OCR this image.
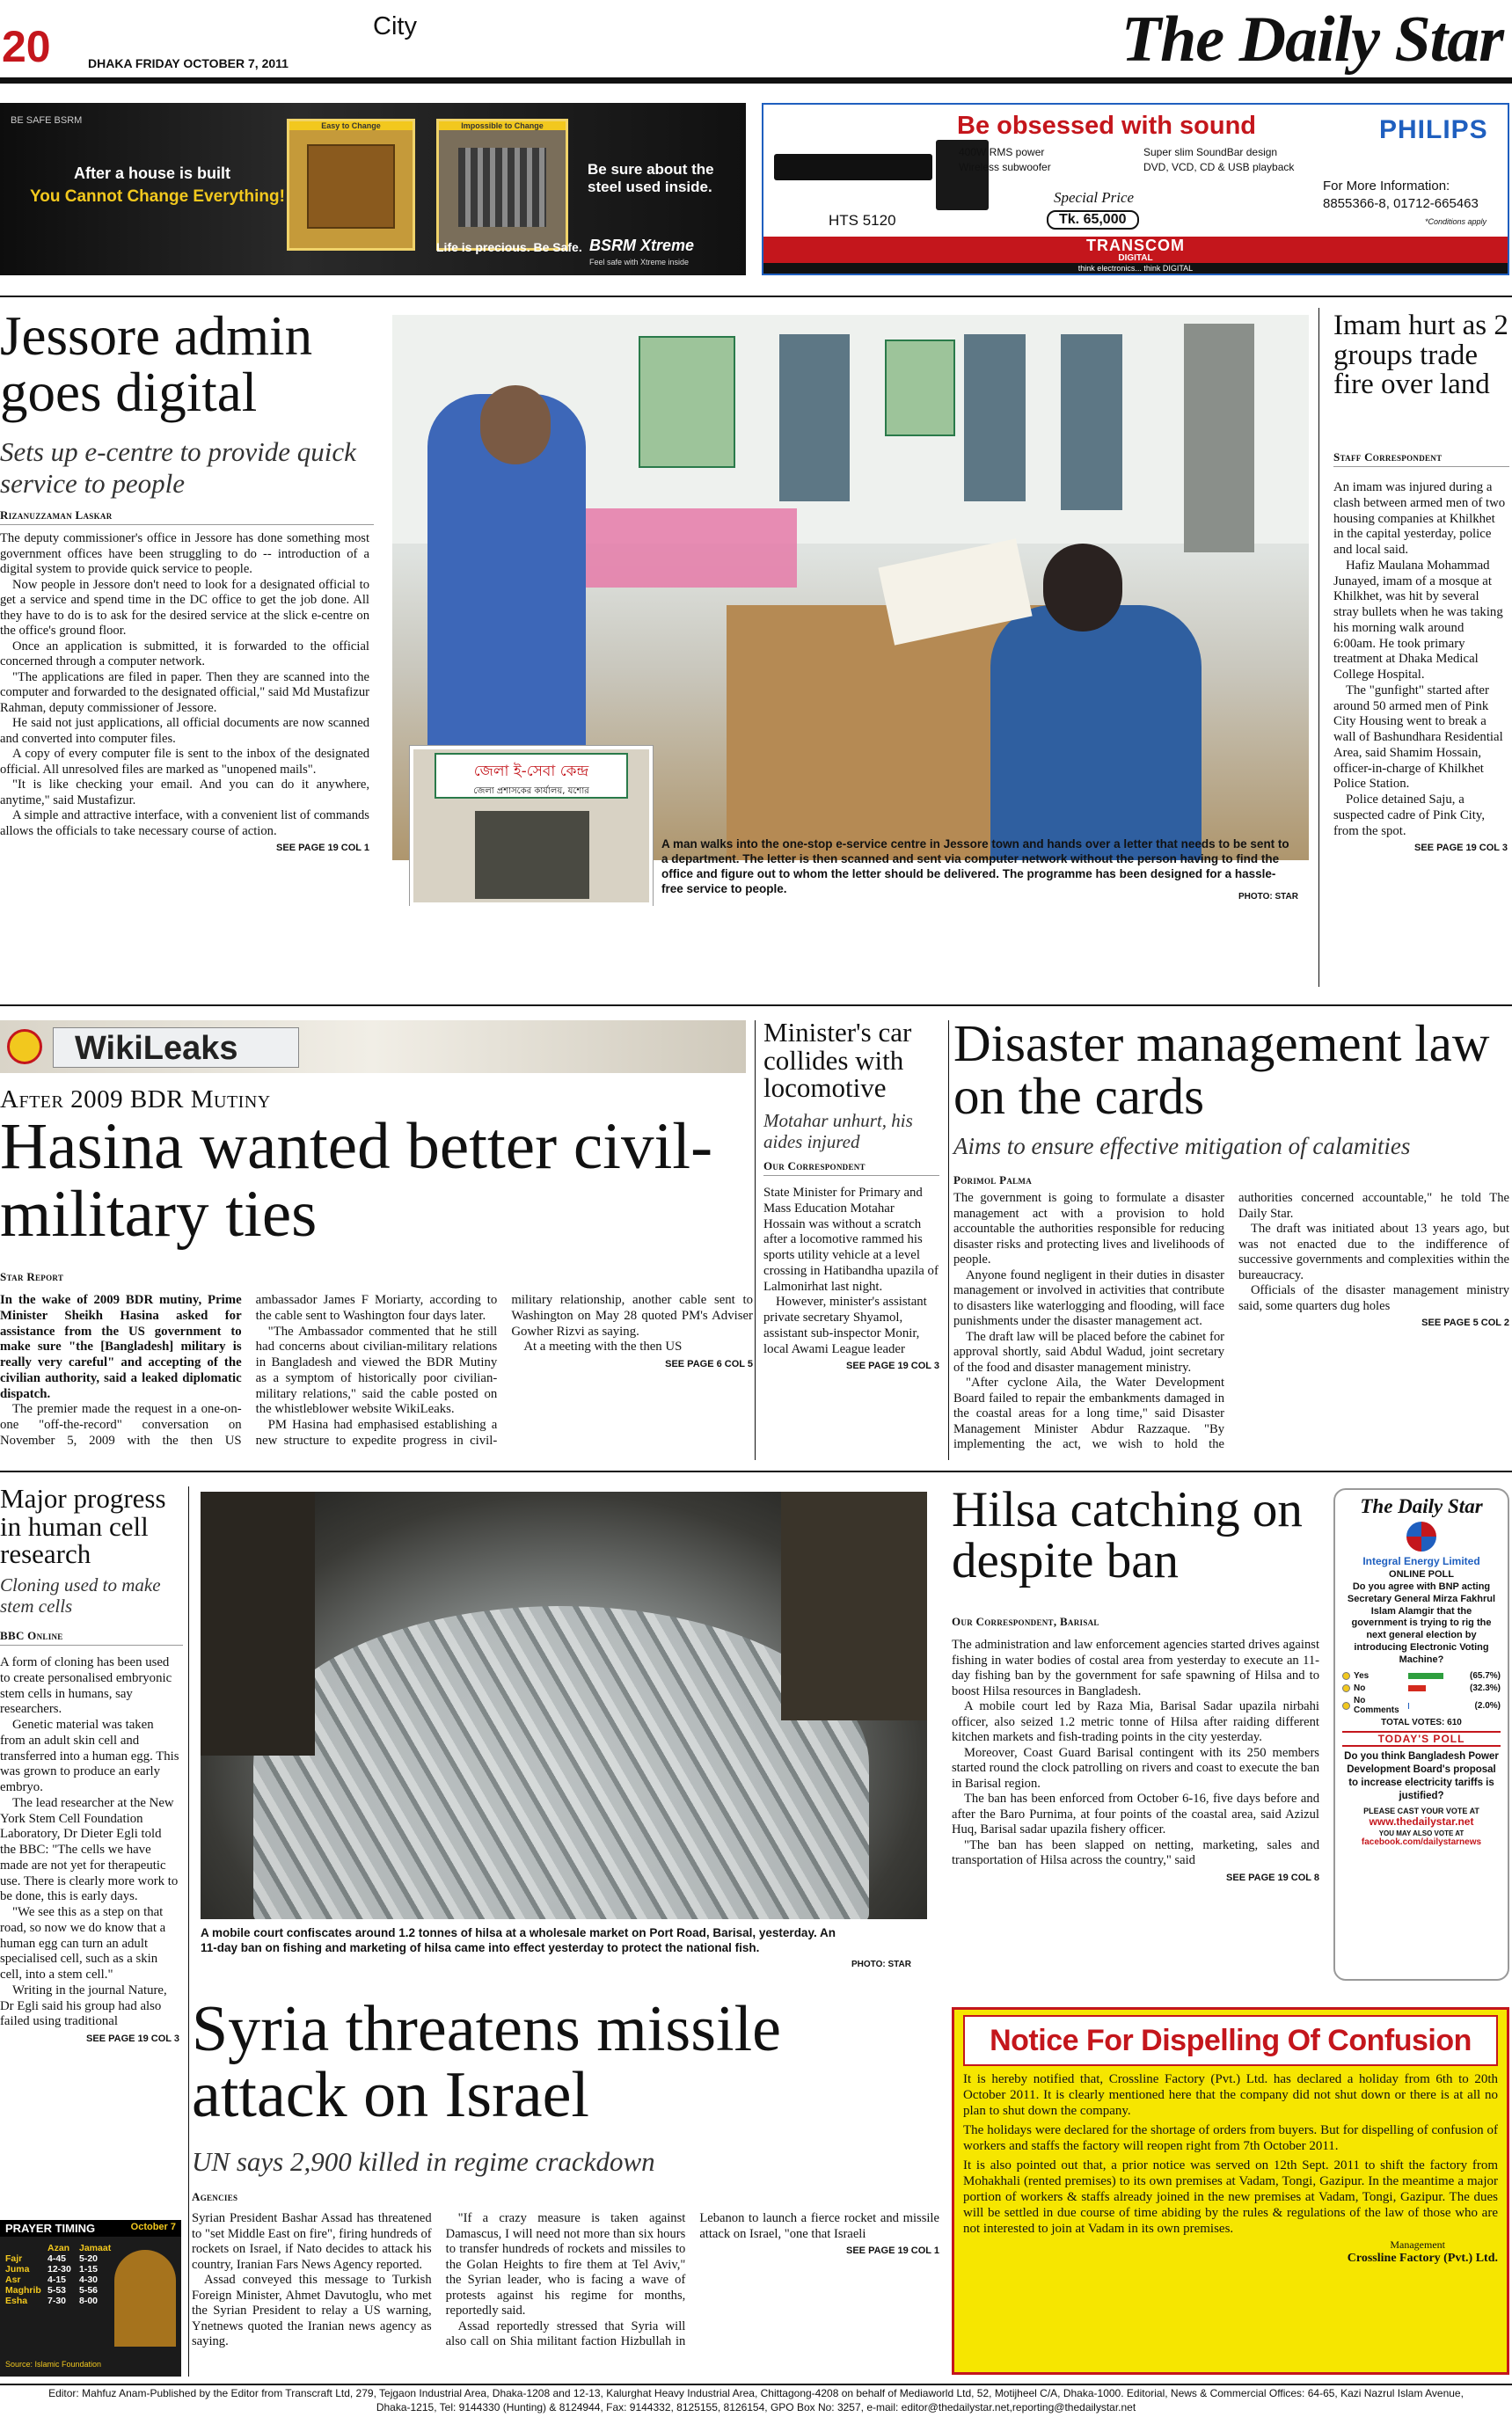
20	City
DHAKA FRIDAY OCTOBER 7, 2011	The Daily Star
BE SAFE BSRM
After a house is built
You Cannot Change Everything!
Easy to Change	Impossible to Change
Be sure about the steel used inside.
Life is precious. Be Safe. BSRM Xtreme
Feel safe with Xtreme inside
HTS 5120
Be obsessed with sound	PHILIPS
400W RMS power	Super slim SoundBar design
Wireless subwoofer	DVD, VCD, CD & USB playback
Special Price
Tk. 65,000
For More Information:
8855366-8, 01712-665463
*Conditions apply
TRANSCOM
DIGITAL
think electronics... think DIGITAL
Jessore admin goes digital
Sets up e-centre to provide quick service to people
Rizanuzzaman Laskar

The deputy commissioner's office in Jessore has done something most government offices have been struggling to do -- introduction of a digital system to provide quick service to people.

Now people in Jessore don't need to look for a designated official to get a service and spend time in the DC office to get the job done. All they have to do is to ask for the desired service at the slick e-centre on the office's ground floor.

Once an application is submitted, it is forwarded to the official concerned through a computer network.

"The applications are filed in paper. Then they are scanned into the computer and forwarded to the designated official," said Md Mustafizur Rahman, deputy commissioner of Jessore.

He said not just applications, all official documents are now scanned and converted into computer files.

A copy of every computer file is sent to the inbox of the designated official. All unresolved files are marked as "unopened mails".

"It is like checking your email. And you can do it anywhere, anytime," said Mustafizur.

A simple and attractive interface, with a convenient list of commands allows the officials to take necessary course of action.

SEE PAGE 19 COL 1
জেলা ই-সেবা কেন্দ্র
জেলা প্রশাসকের কার্যালয়, যশোর
A man walks into the one-stop e-service centre in Jessore town and hands over a letter that needs to be sent to a department. The letter is then scanned and sent via computer network without the person having to find the office and figure out to whom the letter should be delivered. The programme has been designed for a hassle-free service to people.
PHOTO: STAR
Imam hurt as 2 groups trade fire over land
Staff Correspondent

An imam was injured during a clash between armed men of two housing companies at Khilkhet in the capital yesterday, police and local said.

Hafiz Maulana Mohammad Junayed, imam of a mosque at Khilkhet, was hit by several stray bullets when he was taking his morning walk around 6:00am. He took primary treatment at Dhaka Medical College Hospital.

The "gunfight" started after around 50 armed men of Pink City Housing went to break a wall of Bashundhara Residential Area, said Shamim Hossain, officer-in-charge of Khilkhet Police Station.

Police detained Saju, a suspected cadre of Pink City, from the spot.

SEE PAGE 19 COL 3
WikiLeaks
After 2009 BDR Mutiny
Hasina wanted better civil-military ties
Star Report

In the wake of 2009 BDR mutiny, Prime Minister Sheikh Hasina asked for assistance from the US government to make sure "the [Bangladesh] military is really very careful" and accepting of the civilian authority, said a leaked diplomatic dispatch.

The premier made the request in a one-on-one "off-the-record" conversation on November 5, 2009 with the then US ambassador James F Moriarty, according to the cable sent to Washington four days later.

"The Ambassador commented that he still had concerns about civilian-military relations in Bangladesh and viewed the BDR Mutiny as a symptom of historically poor civilian-military relations," said the cable posted on the whistleblower website WikiLeaks.

PM Hasina had emphasised establishing a new structure to expedite progress in civil-military relationship, another cable sent to Washington on May 28 quoted PM's Adviser Gowher Rizvi as saying.

At a meeting with the then US

SEE PAGE 6 COL 5
Minister's car collides with locomotive
Motahar unhurt, his aides injured
Our Correspondent

State Minister for Primary and Mass Education Motahar Hossain was without a scratch after a locomotive rammed his sports utility vehicle at a level crossing in Hatibandha upazila of Lalmonirhat last night.

However, minister's assistant private secretary Shyamol, assistant sub-inspector Monir, local Awami League leader

SEE PAGE 19 COL 3
Disaster management law on the cards
Aims to ensure effective mitigation of calamities
Porimol Palma

The government is going to formulate a disaster management act with a provision to hold accountable the authorities responsible for reducing disaster risks and protecting lives and livelihoods of people.

Anyone found negligent in their duties in disaster management or involved in activities that contribute to disasters like waterlogging and flooding, will face punishments under the disaster management act.

The draft law will be placed before the cabinet for approval shortly, said Abdul Wadud, joint secretary of the food and disaster management ministry.

"After cyclone Aila, the Water Development Board failed to repair the embankments damaged in the coastal areas for a long time," said Disaster Management Minister Abdur Razzaque. "By implementing the act, we wish to hold the authorities concerned accountable," he told The Daily Star.

The draft was initiated about 13 years ago, but was not enacted due to the indifference of successive governments and complexities within the bureaucracy.

Officials of the disaster management ministry said, some quarters dug holes

SEE PAGE 5 COL 2
Major progress in human cell research
Cloning used to make stem cells
BBC Online

A form of cloning has been used to create personalised embryonic stem cells in humans, say researchers.

Genetic material was taken from an adult skin cell and transferred into a human egg. This was grown to produce an early embryo.

The lead researcher at the New York Stem Cell Foundation Laboratory, Dr Dieter Egli told the BBC: "The cells we have made are not yet for therapeutic use. There is clearly more work to be done, this is early days.

"We see this as a step on that road, so now we do know that a human egg can turn an adult specialised cell, such as a skin cell, into a stem cell."

Writing in the journal Nature, Dr Egli said his group had also failed using traditional

SEE PAGE 19 COL 3
PRAYER TIMING	October 7
	Azan	Jamaat
Fajr	4-45	5-20
Juma	12-30	1-15
Asr	4-15	4-30
Maghrib	5-53	5-56
Esha	7-30	8-00
Source: Islamic Foundation
A mobile court confiscates around 1.2 tonnes of hilsa at a wholesale market on Port Road, Barisal, yesterday. An 11-day ban on fishing and marketing of hilsa came into effect yesterday to protect the national fish.
PHOTO: STAR
Hilsa catching on despite ban
Our Correspondent, Barisal

The administration and law enforcement agencies started drives against fishing in water bodies of costal area from yesterday to execute an 11-day fishing ban by the government for safe spawning of Hilsa and to boost Hilsa resources in Bangladesh.

A mobile court led by Raza Mia, Barisal Sadar upazila nirbahi officer, also seized 1.2 metric tonne of Hilsa after raiding different kitchen markets and fish-trading points in the city yesterday.

Moreover, Coast Guard Barisal contingent with its 250 members started round the clock patrolling on rivers and coast to execute the ban in Barisal region.

The ban has been enforced from October 6-16, five days before and after the Baro Purnima, at four points of the coastal area, said Azizul Huq, Barisal sadar upazila fishery officer.

"The ban has been slapped on netting, marketing, sales and transportation of Hilsa across the country," said

SEE PAGE 19 COL 8
The Daily Star
Integral Energy Limited
ONLINE POLL
Do you agree with BNP acting Secretary General Mirza Fakhrul Islam Alamgir that the government is trying to rig the next general election by introducing Electronic Voting Machine?
Yes	(65.7%)
No	(32.3%)
No Comments	(2.0%)
TOTAL VOTES: 610
TODAY'S POLL
Do you think Bangladesh Power Development Board's proposal to increase electricity tariffs is justified?
PLEASE CAST YOUR VOTE AT
www.thedailystar.net
YOU MAY ALSO VOTE AT
facebook.com/dailystarnews
Syria threatens missile attack on Israel
UN says 2,900 killed in regime crackdown
Agencies

Syrian President Bashar Assad has threatened to "set Middle East on fire", firing hundreds of rockets on Israel, if Nato decides to attack his country, Iranian Fars News Agency reported.

Assad conveyed this message to Turkish Foreign Minister, Ahmet Davutoglu, who met the Syrian President to relay a US warning, Ynetnews quoted the Iranian news agency as saying.

"If a crazy measure is taken against Damascus, I will need not more than six hours to transfer hundreds of rockets and missiles to the Golan Heights to fire them at Tel Aviv," the Syrian leader, who is facing a wave of protests against his regime for months, reportedly said.

Assad reportedly stressed that Syria will also call on Shia militant faction Hizbullah in Lebanon to launch a fierce rocket and missile attack on Israel, "one that Israeli

SEE PAGE 19 COL 1
Notice For Dispelling Of Confusion
It is hereby notified that, Crossline Factory (Pvt.) Ltd. has declared a holiday from 6th to 20th October 2011. It is clearly mentioned here that the company did not shut down or there is at all no plan to shut down the company.
The holidays were declared for the shortage of orders from buyers. But for dispelling of confusion of workers and staffs the factory will reopen right from 7th October 2011.
It is also pointed out that, a prior notice was served on 12th Sept. 2011 to shift the factory from Mohakhali (rented premises) to its own premises at Vadam, Tongi, Gazipur. In the meantime a major portion of workers & staffs already joined in the new premises at Vadam, Tongi, Gazipur. The dues will be settled in due course of time abiding by the rules & regulations of the law of those who are not interested to join at Vadam in its own premises.
Management
Crossline Factory (Pvt.) Ltd.
Editor: Mahfuz Anam-Published by the Editor from Transcraft Ltd, 279, Tejgaon Industrial Area, Dhaka-1208 and 12-13, Kalurghat Heavy Industrial Area, Chittagong-4208 on behalf of Mediaworld Ltd, 52, Motijheel C/A, Dhaka-1000. Editorial, News & Commercial Offices: 64-65, Kazi Nazrul Islam Avenue,
Dhaka-1215, Tel: 9144330 (Hunting) & 8124944, Fax: 9144332, 8125155, 8126154, GPO Box No: 3257, e-mail: editor@thedailystar.net,reporting@thedailystar.net
